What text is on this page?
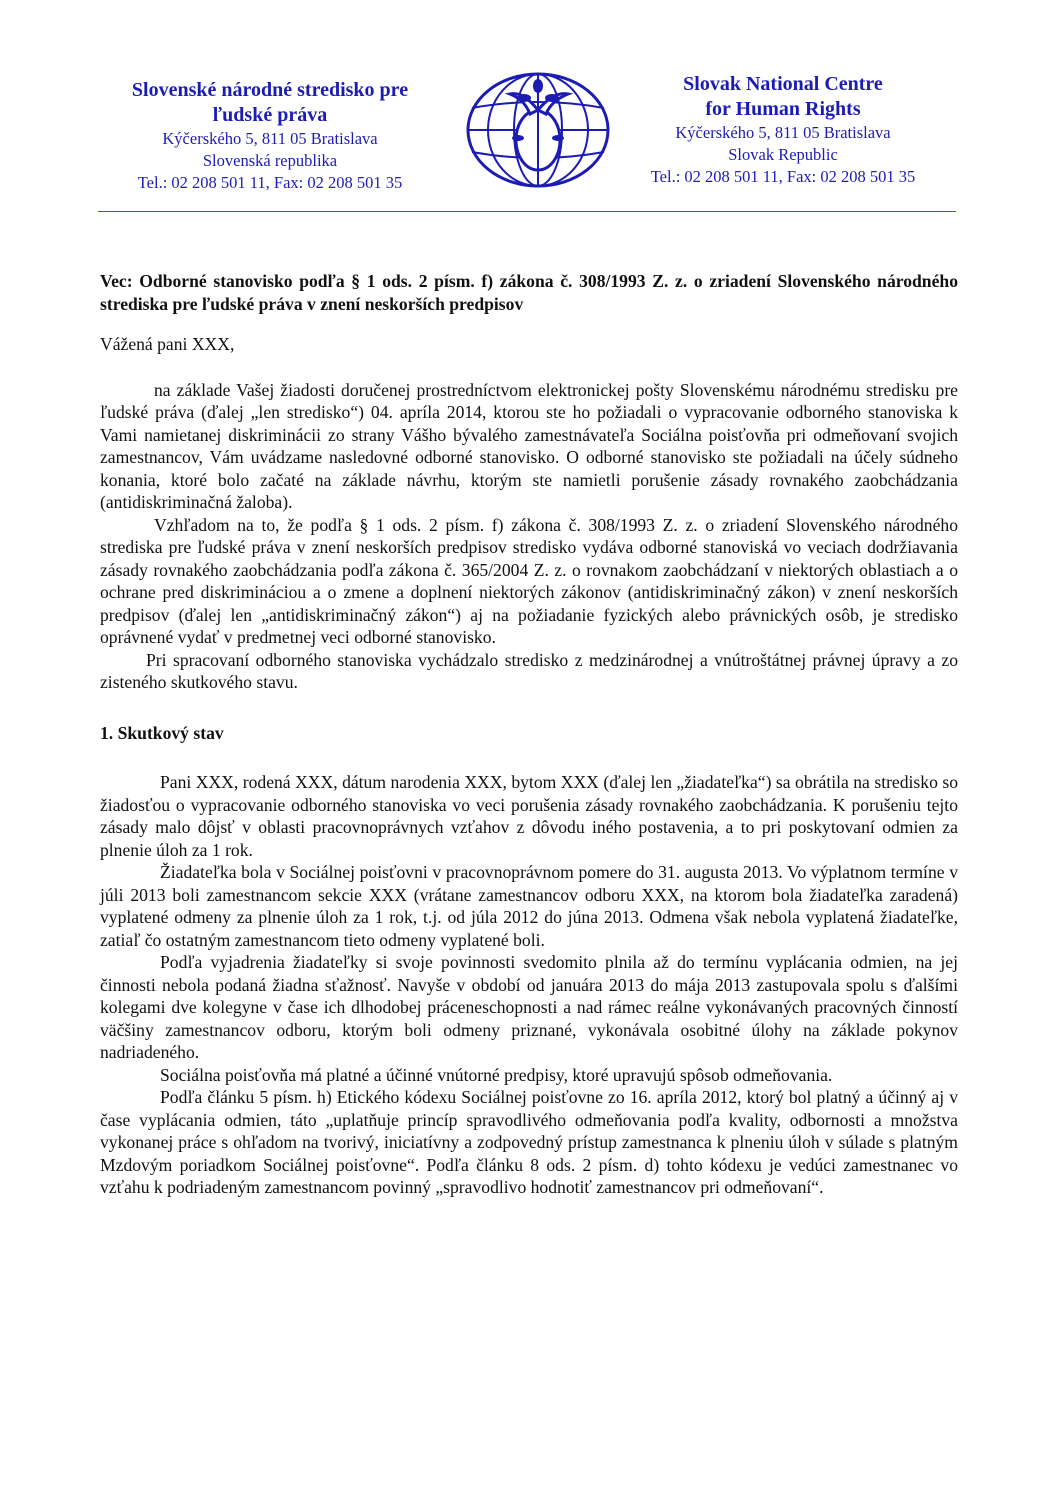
Slovenské národné stredisko pre
ľudské práva
Kýčerského 5, 811 05 Bratislava
Slovenská republika
Tel.: 02 208 501 11, Fax: 02 208 501 35
Slovak National Centre
for Human Rights
Kýčerského 5, 811 05 Bratislava
Slovak Republic
Tel.: 02 208 501 11, Fax: 02 208 501 35

Vec: Odborné stanovisko podľa § 1 ods. 2 písm. f) zákona č. 308/1993 Z. z. o zriadení Slovenského národného strediska pre ľudské práva v znení neskorších predpisov

Vážená pani XXX,

na základe Vašej žiadosti doručenej prostredníctvom elektronickej pošty Slovenskému národnému stredisku pre ľudské práva (ďalej „len stredisko“) 04. apríla 2014, ktorou ste ho požiadali o vypracovanie odborného stanoviska k Vami namietanej diskriminácii zo strany Vášho bývalého zamestnávateľa Sociálna poisťovňa pri odmeňovaní svojich zamestnancov, Vám uvádzame nasledovné odborné stanovisko. O odborné stanovisko ste požiadali na účely súdneho konania, ktoré bolo začaté na základe návrhu, ktorým ste namietli porušenie zásady rovnakého zaobchádzania (antidiskriminačná žaloba).

Vzhľadom na to, že podľa § 1 ods. 2 písm. f) zákona č. 308/1993 Z. z. o zriadení Slovenského národného strediska pre ľudské práva v znení neskorších predpisov stredisko vydáva odborné stanoviská vo veciach dodržiavania zásady rovnakého zaobchádzania podľa zákona č. 365/2004 Z. z. o rovnakom zaobchádzaní v niektorých oblastiach a o ochrane pred diskrimináciou a o zmene a doplnení niektorých zákonov (antidiskriminačný zákon) v znení neskorších predpisov (ďalej len „antidiskriminačný zákon“) aj na požiadanie fyzických alebo právnických osôb, je stredisko oprávnené vydať v predmetnej veci odborné stanovisko.

Pri spracovaní odborného stanoviska vychádzalo stredisko z medzinárodnej a vnútroštátnej právnej úpravy a zo zisteného skutkového stavu.

1. Skutkový stav

Pani XXX, rodená XXX, dátum narodenia XXX, bytom XXX (ďalej len „žiadateľka“) sa obrátila na stredisko so žiadosťou o vypracovanie odborného stanoviska vo veci porušenia zásady rovnakého zaobchádzania. K porušeniu tejto zásady malo dôjsť v oblasti pracovnoprávnych vzťahov z dôvodu iného postavenia, a to pri poskytovaní odmien za plnenie úloh za 1 rok.

Žiadateľka bola v Sociálnej poisťovni v pracovnoprávnom pomere do 31. augusta 2013. Vo výplatnom termíne v júli 2013 boli zamestnancom sekcie XXX (vrátane zamestnancov odboru XXX, na ktorom bola žiadateľka zaradená) vyplatené odmeny za plnenie úloh za 1 rok, t.j. od júla 2012 do júna 2013. Odmena však nebola vyplatená žiadateľke, zatiaľ čo ostatným zamestnancom tieto odmeny vyplatené boli.

Podľa vyjadrenia žiadateľky si svoje povinnosti svedomito plnila až do termínu vyplácania odmien, na jej činnosti nebola podaná žiadna sťažnosť. Navyše v období od januára 2013 do mája 2013 zastupovala spolu s ďalšími kolegami dve kolegyne v čase ich dlhodobej práceneschopnosti a nad rámec reálne vykonávaných pracovných činností väčšiny zamestnancov odboru, ktorým boli odmeny priznané, vykonávala osobitné úlohy na základe pokynov nadriadeného.

Sociálna poisťovňa má platné a účinné vnútorné predpisy, ktoré upravujú spôsob odmeňovania.

Podľa článku 5 písm. h) Etického kódexu Sociálnej poisťovne zo 16. apríla 2012, ktorý bol platný a účinný aj v čase vyplácania odmien, táto „uplatňuje princíp spravodlivého odmeňovania podľa kvality, odbornosti a množstva vykonanej práce s ohľadom na tvorivý, iniciatívny a zodpovedný prístup zamestnanca k plneniu úloh v súlade s platným Mzdovým poriadkom Sociálnej poisťovne“. Podľa článku 8 ods. 2 písm. d) tohto kódexu je vedúci zamestnanec vo vzťahu k podriadeným zamestnancom povinný „spravodlivo hodnotiť zamestnancov pri odmeňovaní“.
